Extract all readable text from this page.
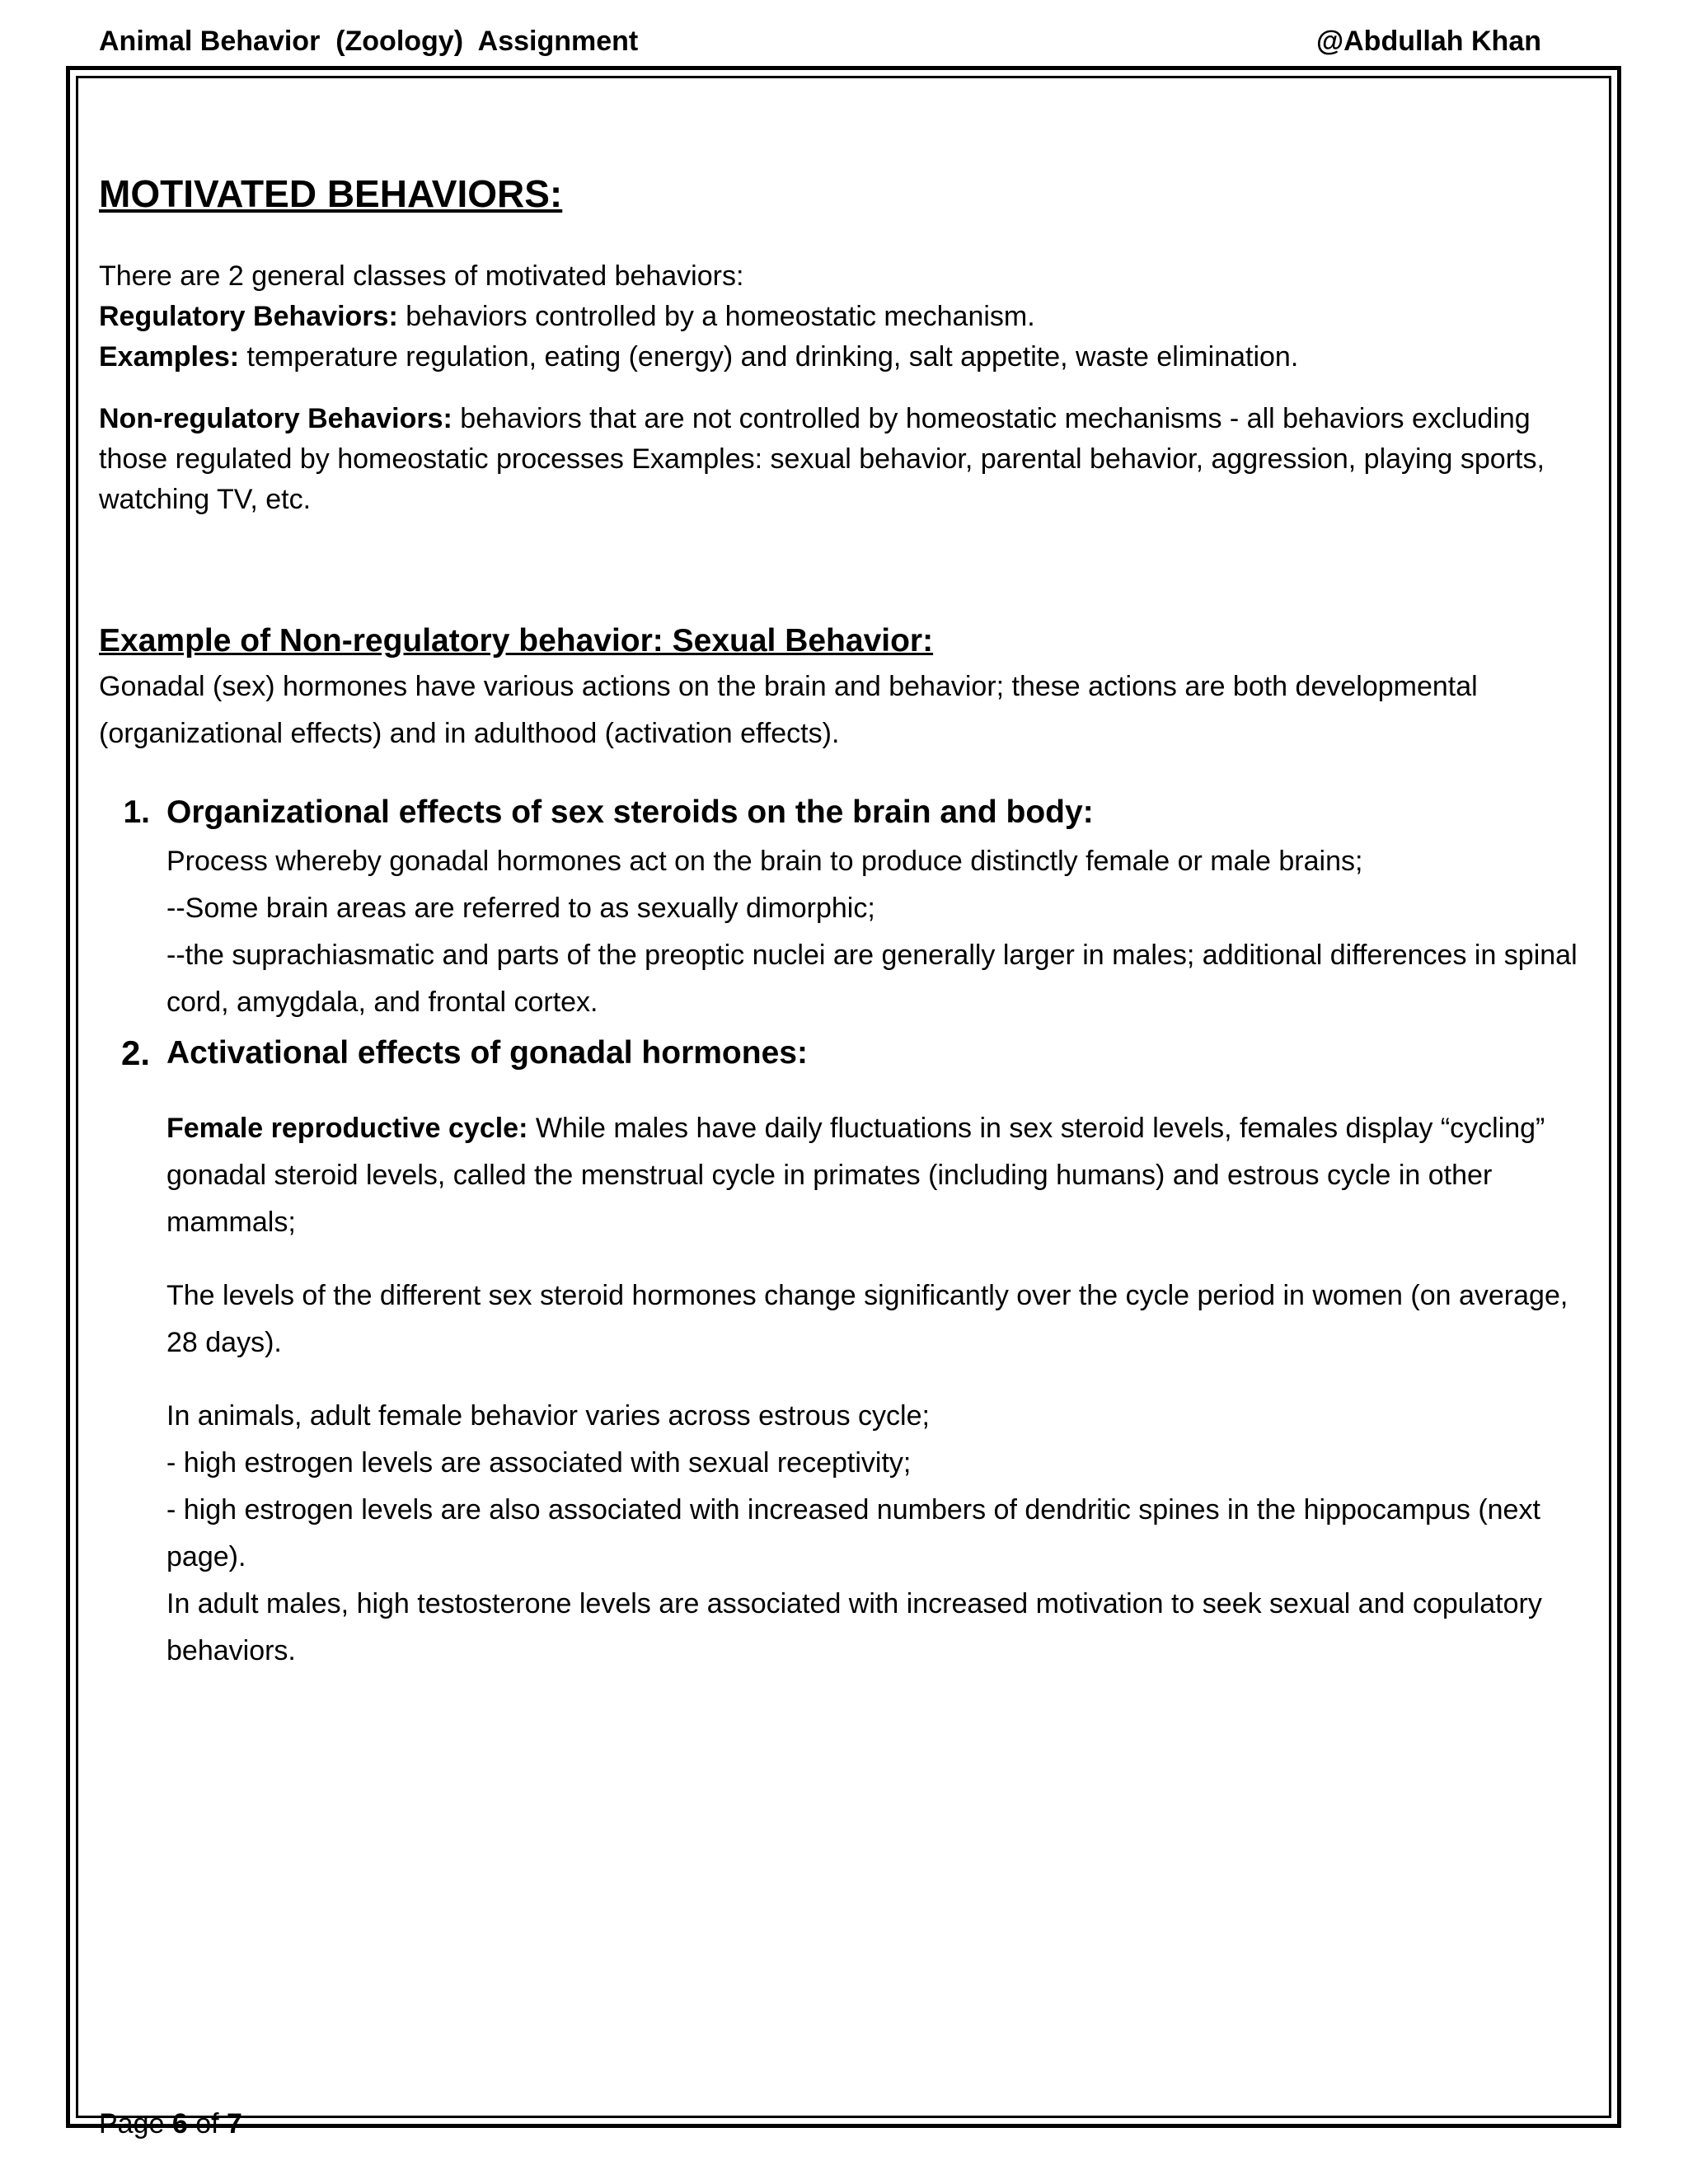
Animal Behavior  (Zoology)  Assignment	@Abdullah Khan
MOTIVATED BEHAVIORS:

There are 2 general classes of motivated behaviors:

Regulatory Behaviors: behaviors controlled by a homeostatic mechanism.

Examples: temperature regulation, eating (energy) and drinking, salt appetite, waste elimination.

Non-regulatory Behaviors: behaviors that are not controlled by homeostatic mechanisms - all behaviors excluding those regulated by homeostatic processes Examples: sexual behavior, parental behavior, aggression, playing sports, watching TV, etc.

Example of Non-regulatory behavior: Sexual Behavior:

Gonadal (sex) hormones have various actions on the brain and behavior; these actions are both developmental (organizational effects) and in adulthood (activation effects).

1. Organizational effects of sex steroids on the brain and body:

Process whereby gonadal hormones act on the brain to produce distinctly female or male brains;

--Some brain areas are referred to as sexually dimorphic;

--the suprachiasmatic and parts of the preoptic nuclei are generally larger in males; additional differences in spinal cord, amygdala, and frontal cortex.

2. Activational effects of gonadal hormones:

Female reproductive cycle: While males have daily fluctuations in sex steroid levels, females display “cycling” gonadal steroid levels, called the menstrual cycle in primates (including humans) and estrous cycle in other mammals;

The levels of the different sex steroid hormones change significantly over the cycle period in women (on average, 28 days).

In animals, adult female behavior varies across estrous cycle;

- high estrogen levels are associated with sexual receptivity;

- high estrogen levels are also associated with increased numbers of dendritic spines in the hippocampus (next page).

In adult males, high testosterone levels are associated with increased motivation to seek sexual and copulatory behaviors.

Page 6 of 7
